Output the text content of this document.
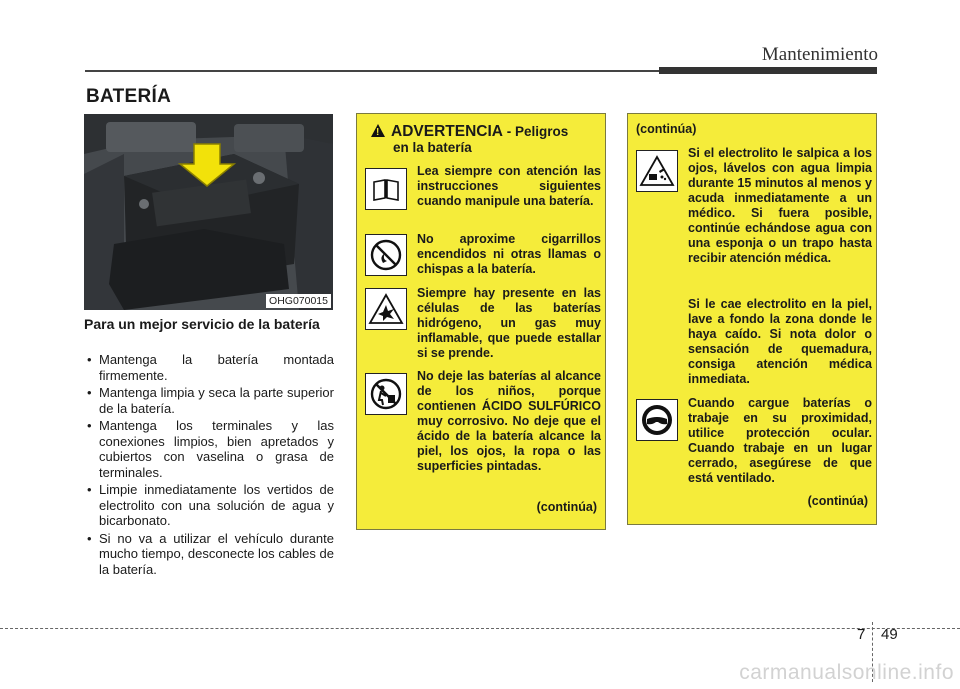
Mantenimiento
BATERÍA
OHG070015
Para un mejor servicio de la batería
• Mantenga la batería montada firmemente.
• Mantenga limpia y seca la parte superior de la batería.
• Mantenga los terminales y las conexiones limpios, bien apretados y cubiertos con vaselina o grasa de terminales.
• Limpie inmediatamente los vertidos de electrolito con una solución de agua y bicarbonato.
• Si no va a utilizar el vehículo durante mucho tiempo, desconecte los cables de la batería.
!ADVERTENCIA - Peligros
en la batería
Lea siempre con atención las instrucciones siguientes cuando manipule una batería.
No aproxime cigarrillos encendidos ni otras llamas o chispas a la batería.
Siempre hay presente en las células de las baterías hidrógeno, un gas muy inflamable, que puede estallar si se prende.
No deje las baterías al alcance de los niños, porque contienen ÁCIDO SULFÚRICO muy corrosivo. No deje que el ácido de la batería alcance la piel, los ojos, la ropa o las superficies pintadas.
(continúa)
(continúa)
Si el electrolito le salpica a los ojos, lávelos con agua limpia durante 15 minutos al menos y acuda inmediatamente a un médico. Si fuera posible, continúe echándose agua con una esponja o un trapo hasta recibir atención médica.
Si le cae electrolito en la piel, lave a fondo la zona donde le haya caído. Si nota dolor o sensación de quemadura, consiga atención médica inmediata.
Cuando cargue baterías o trabaje en su proximidad, utilice protección ocular. Cuando trabaje en un lugar cerrado, asegúrese de que está ventilado.
(continúa)
7 49
carmanualsonline.info
